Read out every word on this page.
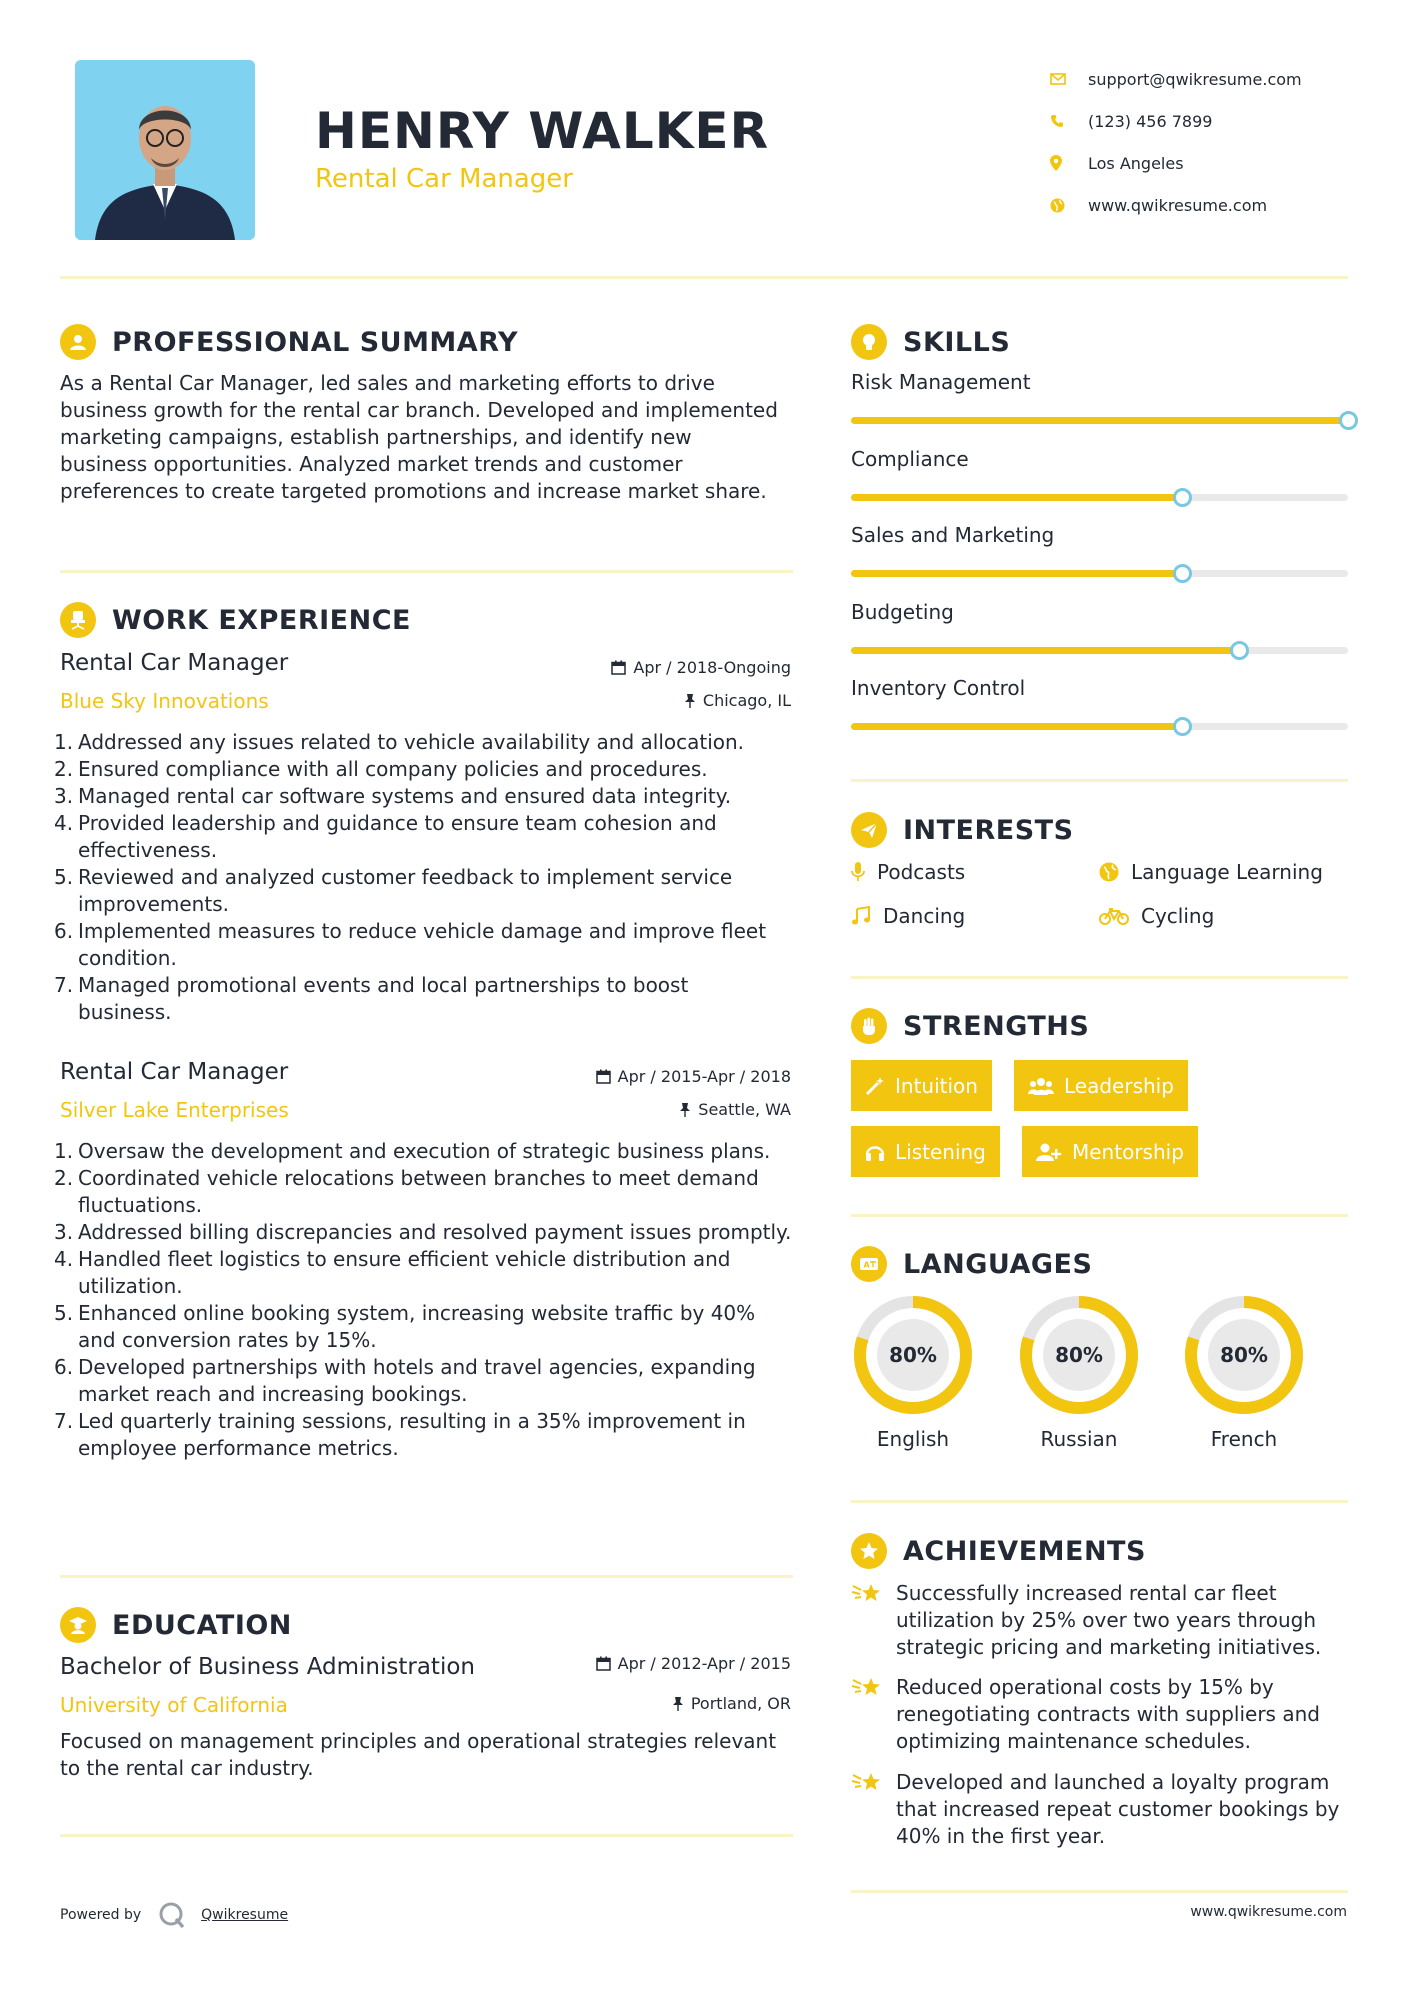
HENRY WALKER
Rental Car Manager
support@qwikresume.com
(123) 456 7899
Los Angeles
www.qwikresume.com
PROFESSIONAL SUMMARY
As a Rental Car Manager, led sales and marketing efforts to drive business growth for the rental car branch. Developed and implemented marketing campaigns, establish partnerships, and identify new business opportunities. Analyzed market trends and customer preferences to create targeted promotions and increase market share.
WORK EXPERIENCE
Rental Car Manager	Apr / 2018-Ongoing
Blue Sky Innovations	Chicago, IL
1. Addressed any issues related to vehicle availability and allocation.
2. Ensured compliance with all company policies and procedures.
3. Managed rental car software systems and ensured data integrity.
4. Provided leadership and guidance to ensure team cohesion and effectiveness.
5. Reviewed and analyzed customer feedback to implement service improvements.
6. Implemented measures to reduce vehicle damage and improve fleet condition.
7. Managed promotional events and local partnerships to boost business.
Rental Car Manager	Apr / 2015-Apr / 2018
Silver Lake Enterprises	Seattle, WA
1. Oversaw the development and execution of strategic business plans.
2. Coordinated vehicle relocations between branches to meet demand fluctuations.
3. Addressed billing discrepancies and resolved payment issues promptly.
4. Handled fleet logistics to ensure efficient vehicle distribution and utilization.
5. Enhanced online booking system, increasing website traffic by 40% and conversion rates by 15%.
6. Developed partnerships with hotels and travel agencies, expanding market reach and increasing bookings.
7. Led quarterly training sessions, resulting in a 35% improvement in employee performance metrics.
EDUCATION
Bachelor of Business Administration	Apr / 2012-Apr / 2015
University of California	Portland, OR
Focused on management principles and operational strategies relevant to the rental car industry.
SKILLS
Risk Management
Compliance
Sales and Marketing
Budgeting
Inventory Control
INTERESTS
Podcasts	Language Learning
Dancing	Cycling
STRENGTHS
Intuition	Leadership
Listening	Mentorship
A LANGUAGES
80%
English
80%
Russian
80%
French
ACHIEVEMENTS
Successfully increased rental car fleet utilization by 25% over two years through strategic pricing and marketing initiatives.
Reduced operational costs by 15% by renegotiating contracts with suppliers and optimizing maintenance schedules.
Developed and launched a loyalty program that increased repeat customer bookings by 40% in the first year.
Powered by	Qwikresume	www.qwikresume.com
